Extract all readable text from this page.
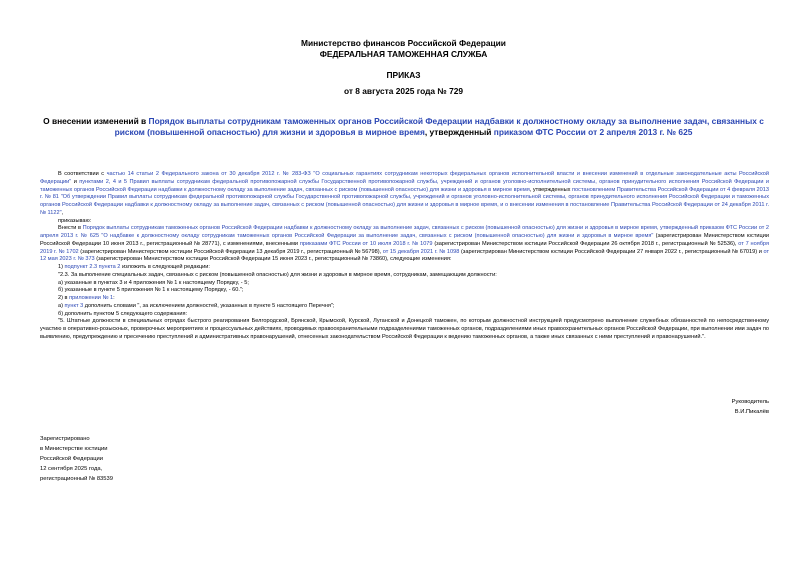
Министерство финансов Российской Федерации
ФЕДЕРАЛЬНАЯ ТАМОЖЕННАЯ СЛУЖБА
ПРИКАЗ
от 8 августа 2025 года № 729
О внесении изменений в Порядок выплаты сотрудникам таможенных органов Российской Федерации надбавки к должностному окладу за выполнение задач, связанных с риском (повышенной опасностью) для жизни и здоровья в мирное время, утвержденный приказом ФТС России от 2 апреля 2013 г. № 625

В соответствии с частью 14 статьи 2 Федерального закона от 30 декабря 2012 г. № 283-ФЗ "О социальных гарантиях сотрудникам некоторых федеральных органов исполнительной власти и внесении изменений в отдельные законодательные акты Российской Федерации" и пунктами 2, 4 и 5 Правил выплаты сотрудникам федеральной противопожарной службы Государственной противопожарной службы, учреждений и органов уголовно-исполнительной системы, органов принудительного исполнения Российской Федерации и таможенных органов Российской Федерации надбавки к должностному окладу за выполнение задач, связанных с риском (повышенной опасностью) для жизни и здоровья в мирное время, утвержденных постановлением Правительства Российской Федерации от 4 февраля 2013 г. № 81 "Об утверждении Правил выплаты сотрудникам федеральной противопожарной службы Государственной противопожарной службы, учреждений и органов уголовно-исполнительной системы, органов принудительного исполнения Российской Федерации и таможенных органов Российской Федерации надбавки к должностному окладу за выполнение задач, связанных с риском (повышенной опасностью) для жизни и здоровья в мирное время, и о внесении изменения в постановление Правительства Российской Федерации от 24 декабря 2011 г. № 1122",

приказываю:

Внести в Порядок выплаты сотрудникам таможенных органов Российской Федерации надбавки к должностному окладу за выполнение задач, связанных с риском (повышенной опасностью) для жизни и здоровья в мирное время, утвержденный приказом ФТС России от 2 апреля 2013 г. № 625 "О надбавке к должностному окладу сотрудникам таможенных органов Российской Федерации за выполнение задач, связанных с риском (повышенной опасностью) для жизни и здоровья в мирное время" (зарегистрирован Министерством юстиции Российской Федерации 10 июня 2013 г., регистрационный № 28771), с изменениями, внесенными приказами ФТС России от 10 июля 2018 г. № 1079 (зарегистрирован Министерством юстиции Российской Федерации 26 октября 2018 г., регистрационный № 52536), от 7 ноября 2019 г. № 1702 (зарегистрирован Министерством юстиции Российской Федерации 13 декабря 2019 г., регистрационный № 56798), от 15 декабря 2021 г. № 1098 (зарегистрирован Министерством юстиции Российской Федерации 27 января 2022 г., регистрационный № 67019) и от 12 мая 2023 г. № 373 (зарегистрирован Министерством юстиции Российской Федерации 15 июня 2023 г., регистрационный № 73860), следующие изменения:

1) подпункт 2.3 пункта 2 изложить в следующей редакции:

"2.3. За выполнение специальных задач, связанных с риском (повышенной опасностью) для жизни и здоровья в мирное время, сотрудникам, замещающим должности:

а) указанные в пунктах 3 и 4 приложения № 1 к настоящему Порядку, - 5;

б) указанные в пункте 5 приложения № 1 к настоящему Порядку, - 60.";

2) в приложении № 1:

а) пункт 3 дополнить словами ", за исключением должностей, указанных в пункте 5 настоящего Перечня";

б) дополнить пунктом 5 следующего содержания:

"5. Штатные должности в специальных отрядах быстрого реагирования Белгородской, Брянской, Крымской, Курской, Луганской и Донецкой таможен, по которым должностной инструкцией предусмотрено выполнение служебных обязанностей по непосредственному участию в оперативно-розыскных, проверочных мероприятиях и процессуальных действиях, проводимых правоохранительными подразделениями таможенных органов, подразделениями иных правоохранительных органов Российской Федерации, при выполнении ими задач по выявлению, предупреждению и пресечению преступлений и административных правонарушений, отнесенных законодательством Российской Федерации к ведению таможенных органов, а также иных связанных с ними преступлений и правонарушений.".

Руководитель
В.И.Пикалёв
Зарегистрировано
в Министерстве юстиции
Российской Федерации
12 сентября 2025 года,
регистрационный № 83539
